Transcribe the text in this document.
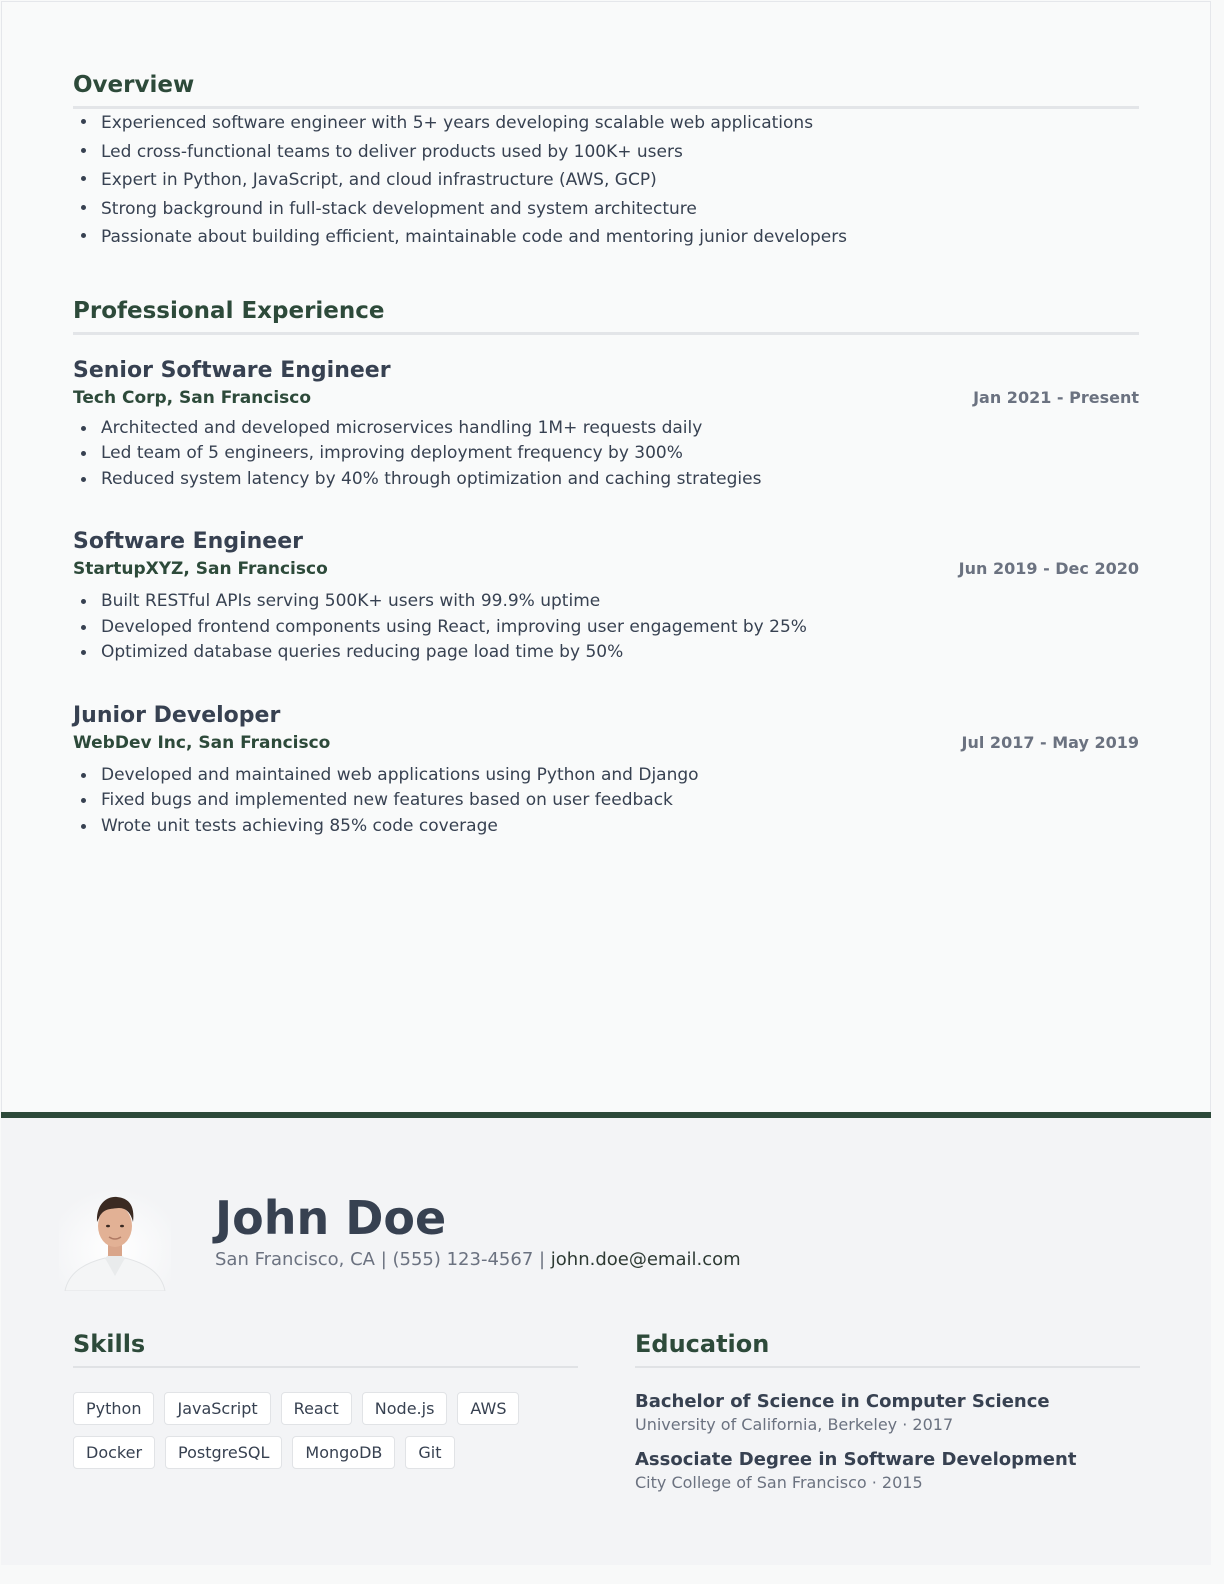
Overview
Experienced software engineer with 5+ years developing scalable web applications
Led cross-functional teams to deliver products used by 100K+ users
Expert in Python, JavaScript, and cloud infrastructure (AWS, GCP)
Strong background in full-stack development and system architecture
Passionate about building efficient, maintainable code and mentoring junior developers
Professional Experience
Senior Software Engineer
Tech Corp, San Francisco	Jan 2021 - Present
Architected and developed microservices handling 1M+ requests daily
Led team of 5 engineers, improving deployment frequency by 300%
Reduced system latency by 40% through optimization and caching strategies
Software Engineer
StartupXYZ, San Francisco	Jun 2019 - Dec 2020
Built RESTful APIs serving 500K+ users with 99.9% uptime
Developed frontend components using React, improving user engagement by 25%
Optimized database queries reducing page load time by 50%
Junior Developer
WebDev Inc, San Francisco	Jul 2017 - May 2019
Developed and maintained web applications using Python and Django
Fixed bugs and implemented new features based on user feedback
Wrote unit tests achieving 85% code coverage
John Doe
San Francisco, CA | (555) 123-4567 | john.doe@email.com
Skills
Python	JavaScript	React	Node.js	AWS
Docker	PostgreSQL	MongoDB	Git
Education
Bachelor of Science in Computer Science
University of California, Berkeley · 2017
Associate Degree in Software Development
City College of San Francisco · 2015
